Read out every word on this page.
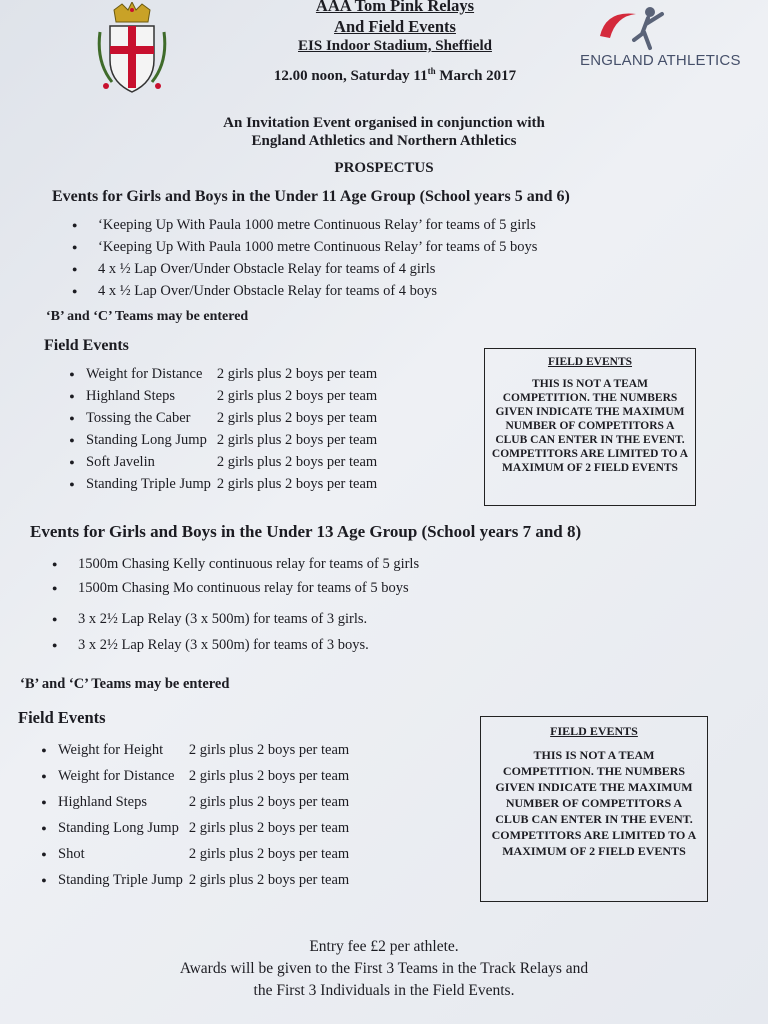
ENGLAND ATHLETICS
AAA Tom Pink Relays
And Field Events
EIS Indoor Stadium, Sheffield
12.00 noon, Saturday 11th March 2017
An Invitation Event organised in conjunction with
England Athletics and Northern Athletics
PROSPECTUS
Events for Girls and Boys in the Under 11 Age Group (School years 5 and 6)
● ‘Keeping Up With Paula 1000 metre Continuous Relay’ for teams of 5 girls
● ‘Keeping Up With Paula 1000 metre Continuous Relay’ for teams of 5 boys
● 4 x ½ Lap Over/Under Obstacle Relay for teams of 4 girls
● 4 x ½ Lap Over/Under Obstacle Relay for teams of 4 boys
‘B’ and ‘C’ Teams may be entered
Field Events
●	Weight for Distance	2 girls plus 2 boys per team
●	Highland Steps	2 girls plus 2 boys per team
●	Tossing the Caber	2 girls plus 2 boys per team
●	Standing Long Jump	2 girls plus 2 boys per team
●	Soft Javelin	2 girls plus 2 boys per team
●	Standing Triple Jump	2 girls plus 2 boys per team
FIELD EVENTS
THIS IS NOT A TEAM COMPETITION. THE NUMBERS GIVEN INDICATE THE MAXIMUM NUMBER OF COMPETITORS A CLUB CAN ENTER IN THE EVENT. COMPETITORS ARE LIMITED TO A MAXIMUM OF 2 FIELD EVENTS
Events for Girls and Boys in the Under 13 Age Group (School years 7 and 8)
● 1500m Chasing Kelly continuous relay for teams of 5 girls
● 1500m Chasing Mo continuous relay for teams of 5 boys
● 3 x 2½ Lap Relay (3 x 500m) for teams of 3 girls.
● 3 x 2½ Lap Relay (3 x 500m) for teams of 3 boys.
‘B’ and ‘C’ Teams may be entered
Field Events
●	Weight for Height	2 girls plus 2 boys per team
●	Weight for Distance	2 girls plus 2 boys per team
●	Highland Steps	2 girls plus 2 boys per team
●	Standing Long Jump	2 girls plus 2 boys per team
●	Shot	2 girls plus 2 boys per team
●	Standing Triple Jump	2 girls plus 2 boys per team
FIELD EVENTS
THIS IS NOT A TEAM COMPETITION. THE NUMBERS GIVEN INDICATE THE MAXIMUM NUMBER OF COMPETITORS A CLUB CAN ENTER IN THE EVENT. COMPETITORS ARE LIMITED TO A MAXIMUM OF 2 FIELD EVENTS
Entry fee £2 per athlete.
Awards will be given to the First 3 Teams in the Track Relays and
the First 3 Individuals in the Field Events.
